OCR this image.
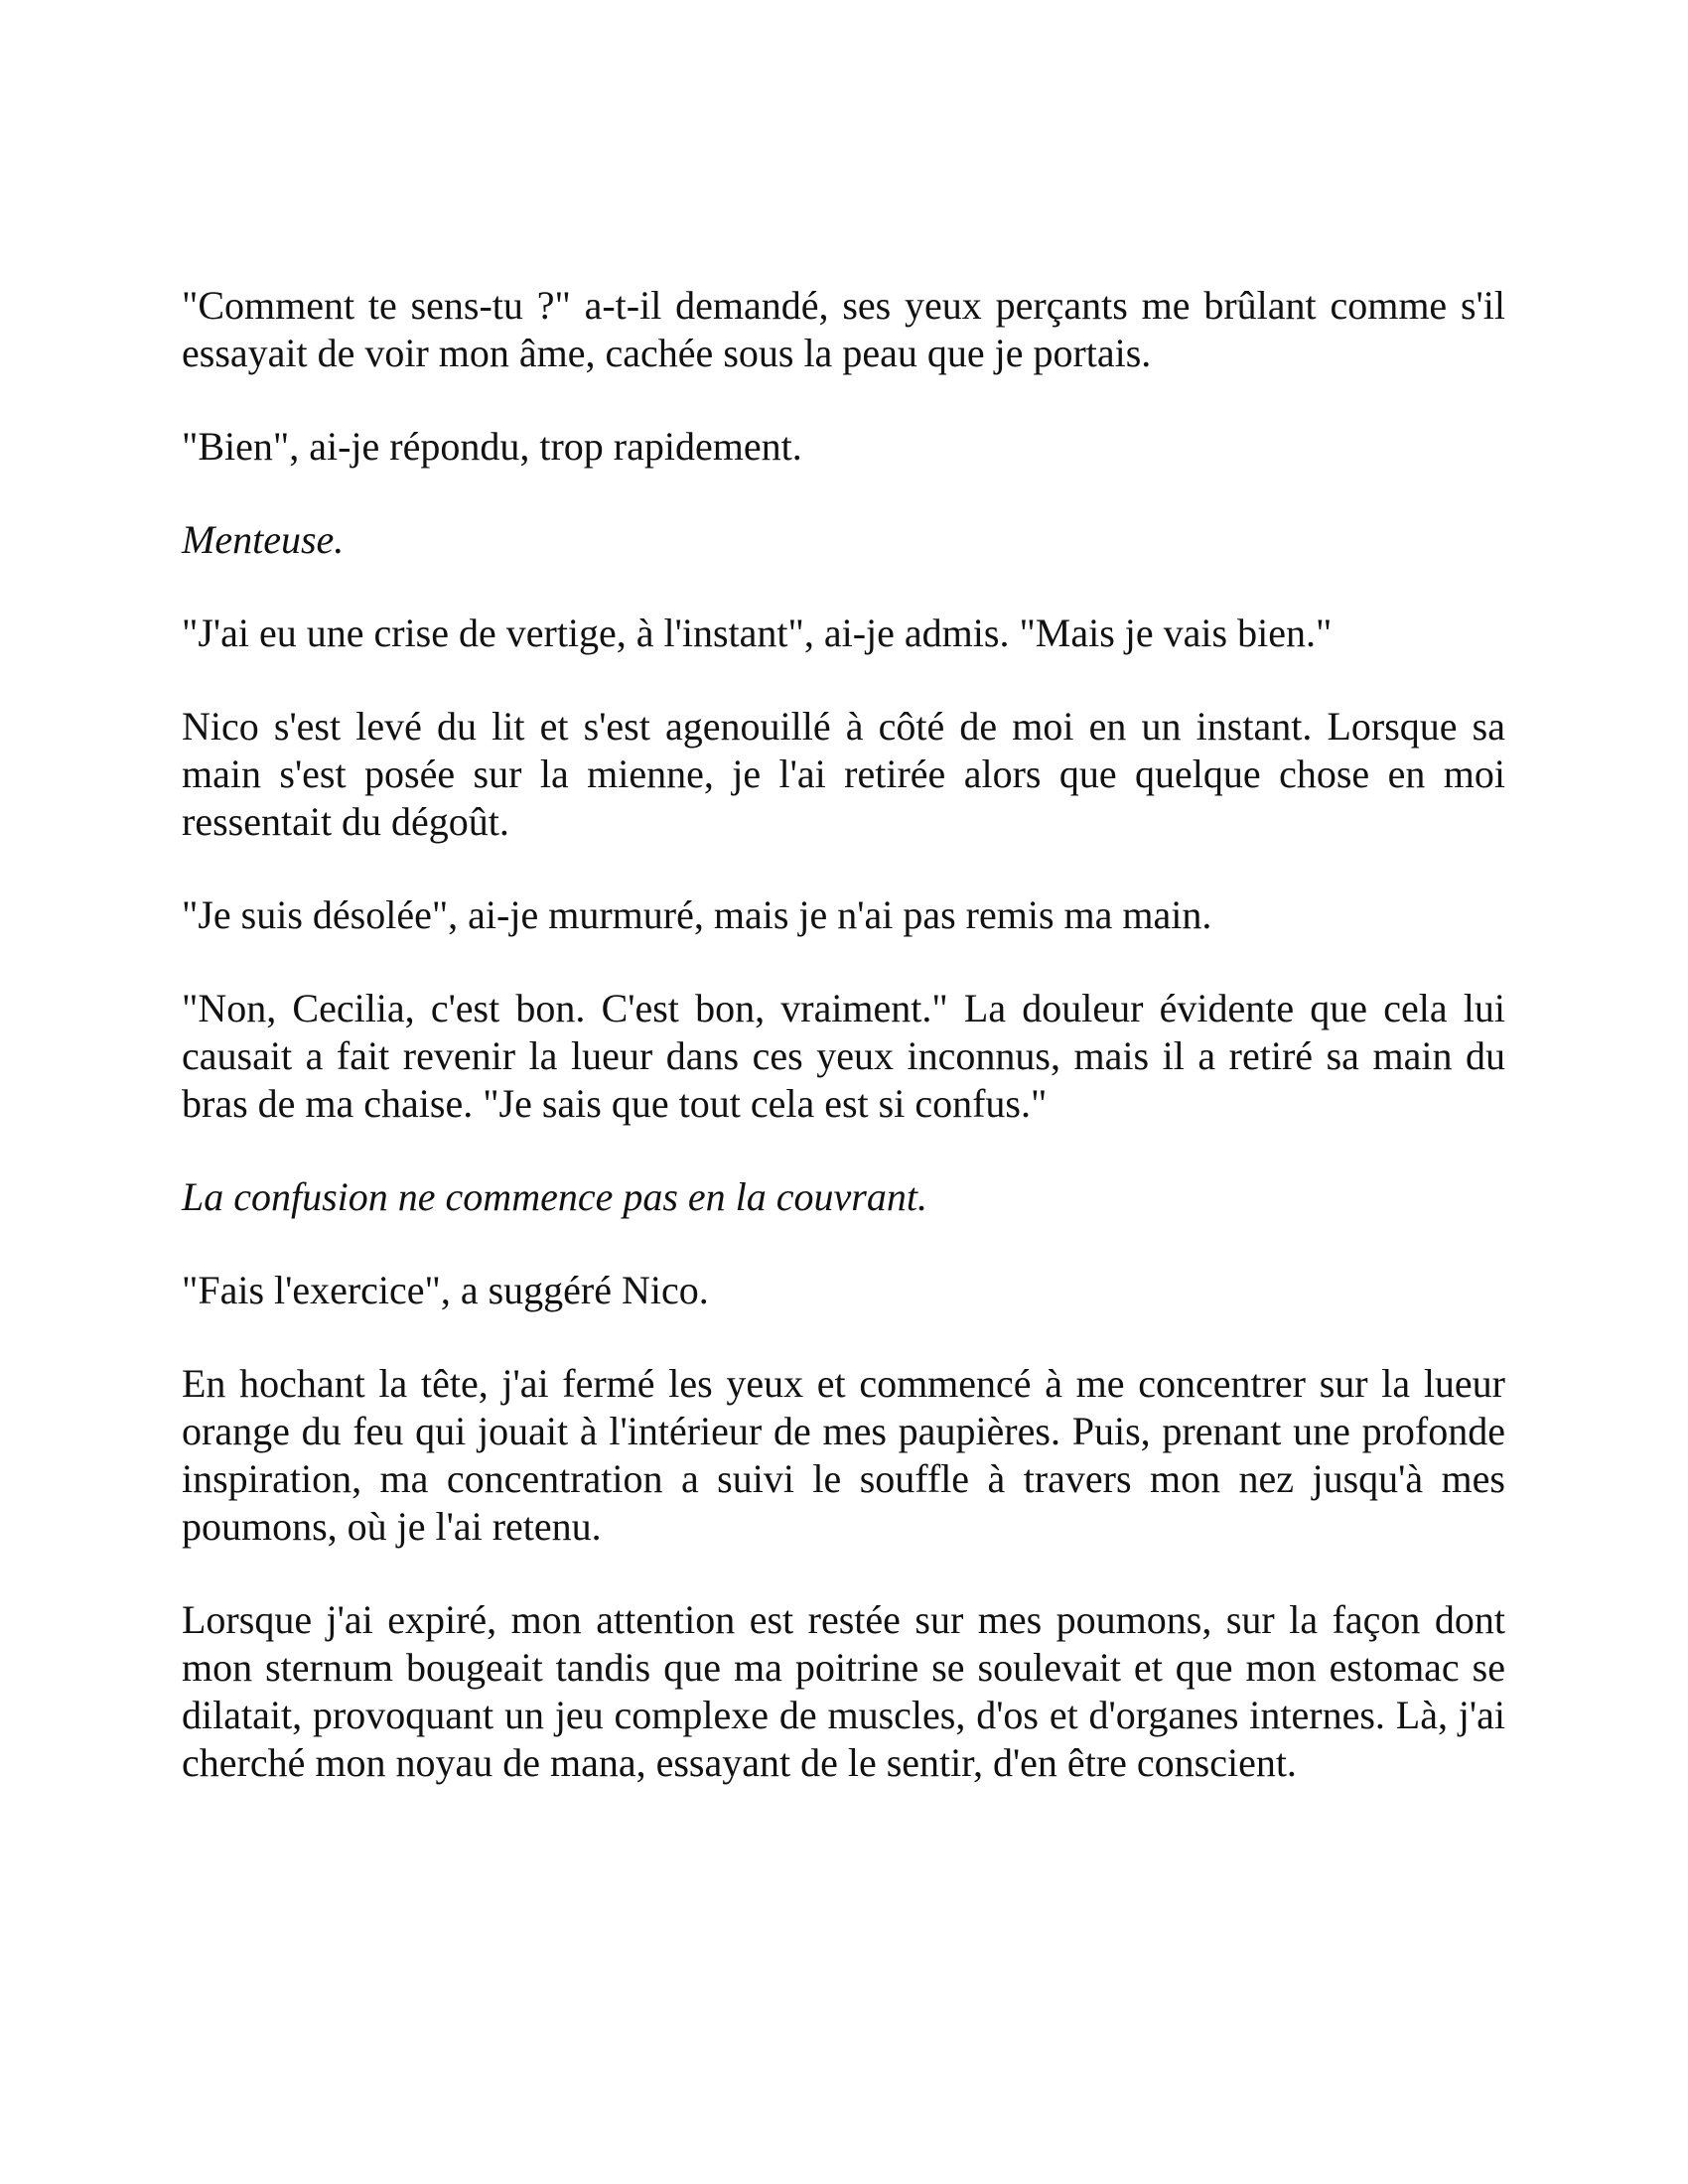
"Comment te sens-tu ?" a-t-il demandé, ses yeux perçants me brûlant comme s'il essayait de voir mon âme, cachée sous la peau que je portais.

"Bien", ai-je répondu, trop rapidement.

Menteuse.

"J'ai eu une crise de vertige, à l'instant", ai-je admis. "Mais je vais bien."

Nico s'est levé du lit et s'est agenouillé à côté de moi en un instant. Lorsque sa main s'est posée sur la mienne, je l'ai retirée alors que quelque chose en moi ressentait du dégoût.

"Je suis désolée", ai-je murmuré, mais je n'ai pas remis ma main.

"Non, Cecilia, c'est bon. C'est bon, vraiment." La douleur évidente que cela lui causait a fait revenir la lueur dans ces yeux inconnus, mais il a retiré sa main du bras de ma chaise. "Je sais que tout cela est si confus."

La confusion ne commence pas en la couvrant.

"Fais l'exercice", a suggéré Nico.

En hochant la tête, j'ai fermé les yeux et commencé à me concentrer sur la lueur orange du feu qui jouait à l'intérieur de mes paupières. Puis, prenant une profonde inspiration, ma concentration a suivi le souffle à travers mon nez jusqu'à mes poumons, où je l'ai retenu.

Lorsque j'ai expiré, mon attention est restée sur mes poumons, sur la façon dont mon sternum bougeait tandis que ma poitrine se soulevait et que mon estomac se dilatait, provoquant un jeu complexe de muscles, d'os et d'organes internes. Là, j'ai cherché mon noyau de mana, essayant de le sentir, d'en être conscient.
